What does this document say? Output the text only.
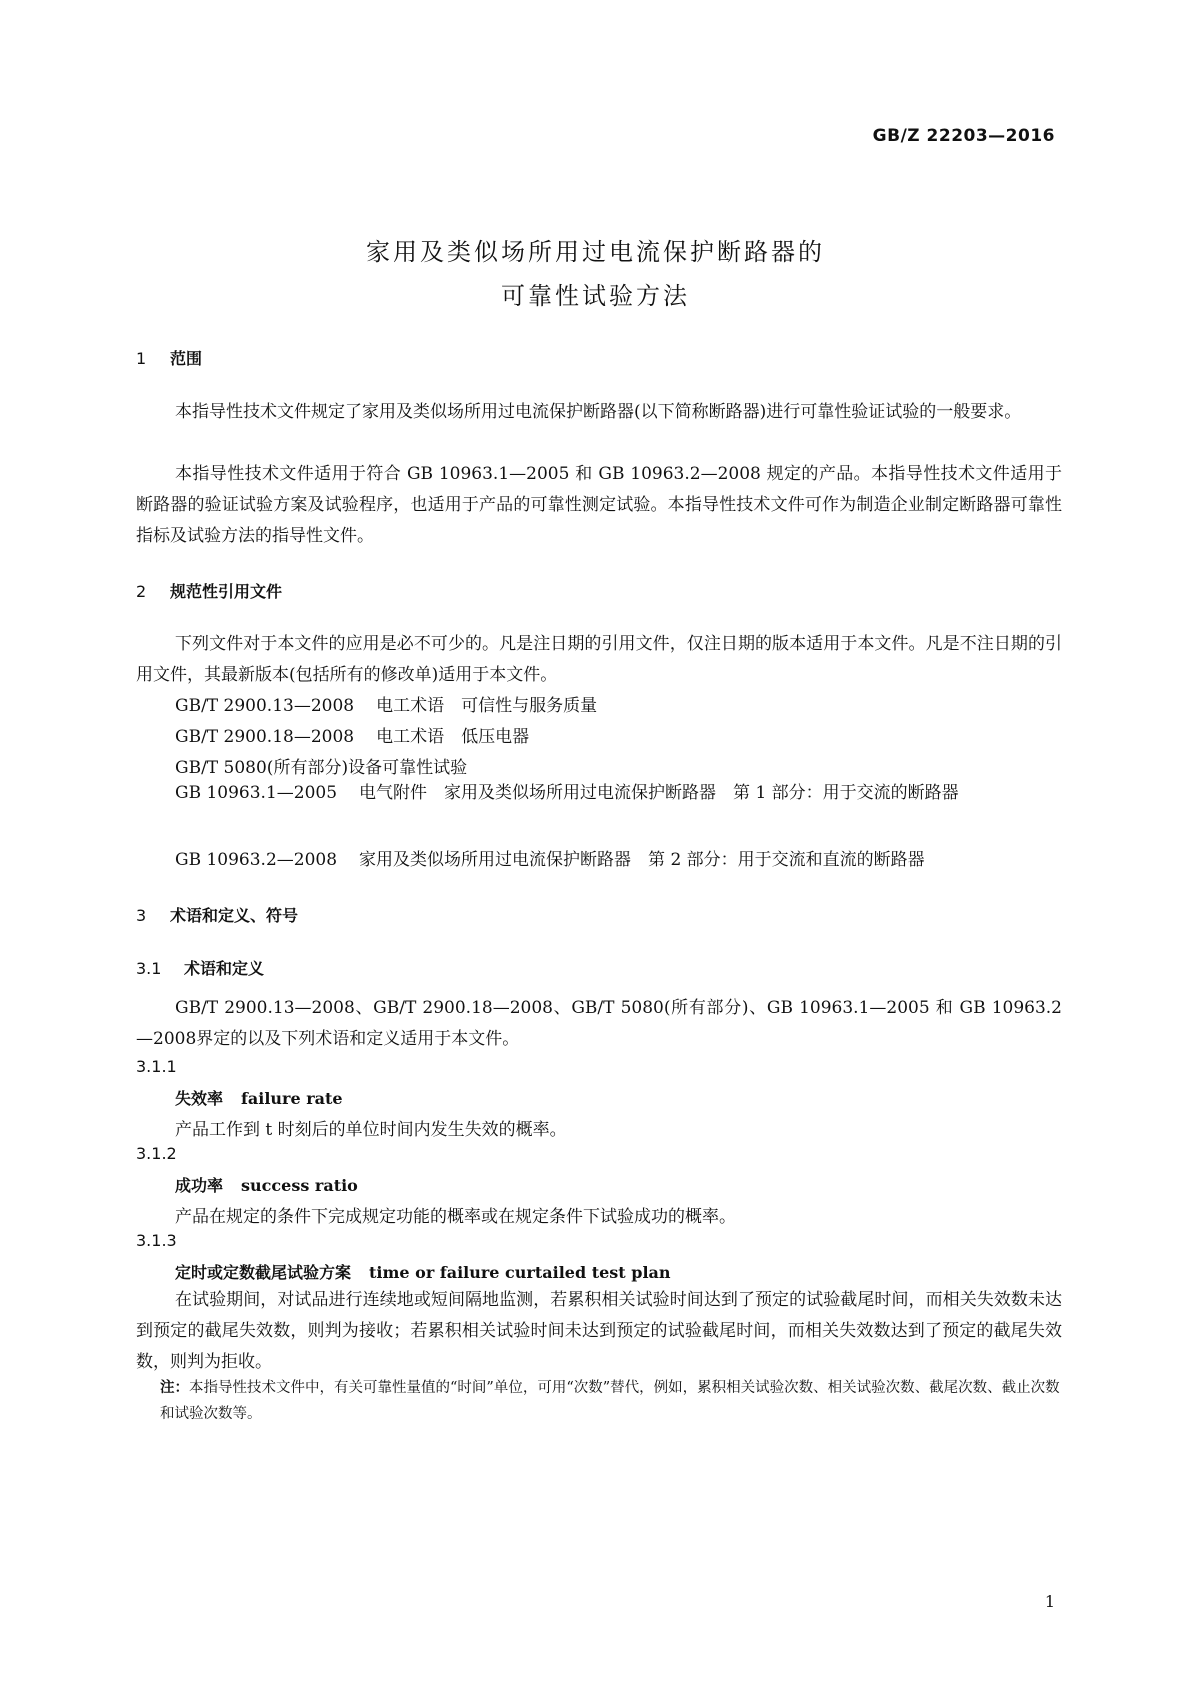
GB/Z 22203—2016
家用及类似场所用过电流保护断路器的
可靠性试验方法
1 范围
本指导性技术文件规定了家用及类似场所用过电流保护断路器(以下简称断路器)进行可靠性验证试验的一般要求。
本指导性技术文件适用于符合 GB 10963.1—2005 和 GB 10963.2—2008 规定的产品。本指导性技术文件适用于断路器的验证试验方案及试验程序，也适用于产品的可靠性测定试验。本指导性技术文件可作为制造企业制定断路器可靠性指标及试验方法的指导性文件。
2 规范性引用文件
下列文件对于本文件的应用是必不可少的。凡是注日期的引用文件，仅注日期的版本适用于本文件。凡是不注日期的引用文件，其最新版本(包括所有的修改单)适用于本文件。
GB/T 2900.13—2008 电工术语　可信性与服务质量
GB/T 2900.18—2008 电工术语　低压电器
GB/T 5080(所有部分)设备可靠性试验
GB 10963.1—2005 电气附件　家用及类似场所用过电流保护断路器　第 1 部分：用于交流的断路器
GB 10963.2—2008 家用及类似场所用过电流保护断路器　第 2 部分：用于交流和直流的断路器
3 术语和定义、符号
3.1 术语和定义
GB/T 2900.13—2008、GB/T 2900.18—2008、GB/T 5080(所有部分)、GB 10963.1—2005 和 GB 10963.2—2008界定的以及下列术语和定义适用于本文件。
3.1.1
失效率 failure rate
产品工作到 t 时刻后的单位时间内发生失效的概率。
3.1.2
成功率 success ratio
产品在规定的条件下完成规定功能的概率或在规定条件下试验成功的概率。
3.1.3
定时或定数截尾试验方案 time or failure curtailed test plan
在试验期间，对试品进行连续地或短间隔地监测，若累积相关试验时间达到了预定的试验截尾时间，而相关失效数未达到预定的截尾失效数，则判为接收；若累积相关试验时间未达到预定的试验截尾时间，而相关失效数达到了预定的截尾失效数，则判为拒收。
注：本指导性技术文件中，有关可靠性量值的“时间”单位，可用“次数”替代，例如，累积相关试验次数、相关试验次数、截尾次数、截止次数和试验次数等。
1
